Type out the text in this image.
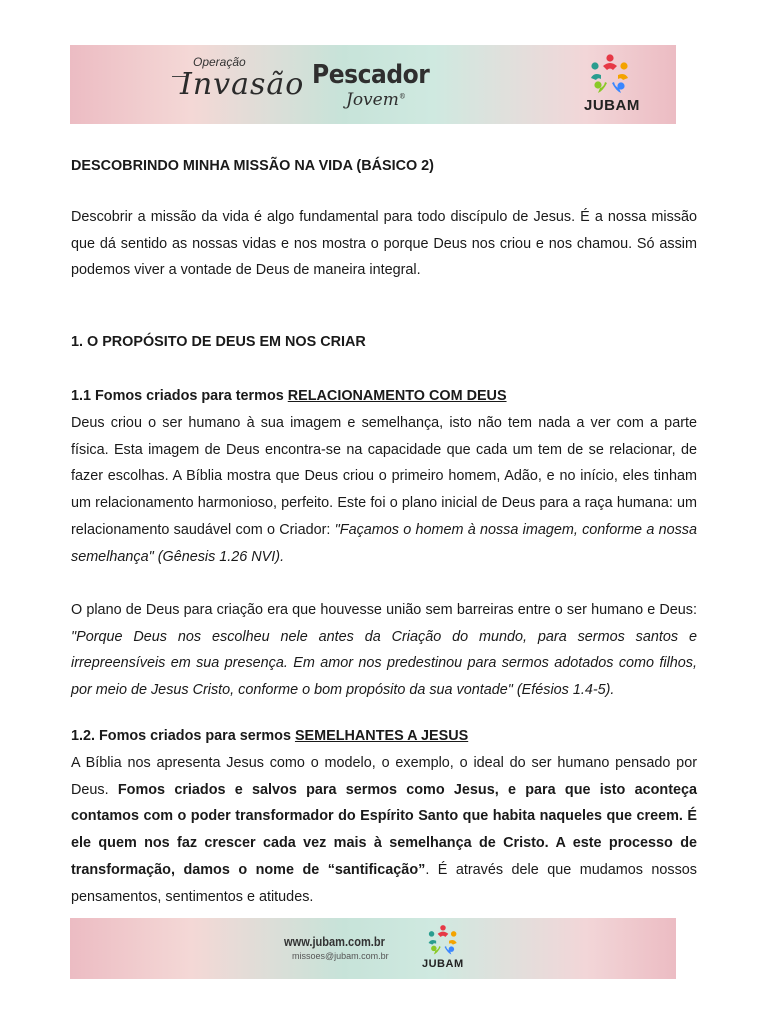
Operação
Invasão Pescador
Jovem®
JUBAM

DESCOBRINDO MINHA MISSÃO NA VIDA (BÁSICO 2)

Descobrir a missão da vida é algo fundamental para todo discípulo de Jesus. É a nossa missão que dá sentido as nossas vidas e nos mostra o porque Deus nos criou e nos chamou. Só assim podemos viver a vontade de Deus de maneira integral.

1. O PROPÓSITO DE DEUS EM NOS CRIAR

1.1 Fomos criados para termos RELACIONAMENTO COM DEUS

Deus criou o ser humano à sua imagem e semelhança, isto não tem nada a ver com a parte física. Esta imagem de Deus encontra-se na capacidade que cada um tem de se relacionar, de fazer escolhas. A Bíblia mostra que Deus criou o primeiro homem, Adão, e no início, eles tinham um relacionamento harmonioso, perfeito. Este foi o plano inicial de Deus para a raça humana: um relacionamento saudável com o Criador: "Façamos o homem à nossa imagem, conforme a nossa semelhança" (Gênesis 1.26 NVI).

O plano de Deus para criação era que houvesse união sem barreiras entre o ser humano e Deus: "Porque Deus nos escolheu nele antes da Criação do mundo, para sermos santos e irrepreensíveis em sua presença. Em amor nos predestinou para sermos adotados como filhos, por meio de Jesus Cristo, conforme o bom propósito da sua vontade" (Efésios 1.4-5).

1.2. Fomos criados para sermos SEMELHANTES A JESUS

A Bíblia nos apresenta Jesus como o modelo, o exemplo, o ideal do ser humano pensado por Deus. Fomos criados e salvos para sermos como Jesus, e para que isto aconteça contamos com o poder transformador do Espírito Santo que habita naqueles que creem. É ele quem nos faz crescer cada vez mais à semelhança de Cristo. A este processo de transformação, damos o nome de “santificação”. É através dele que mudamos nossos pensamentos, sentimentos e atitudes.

www.jubam.com.br
missoes@jubam.com.br
JUBAM
